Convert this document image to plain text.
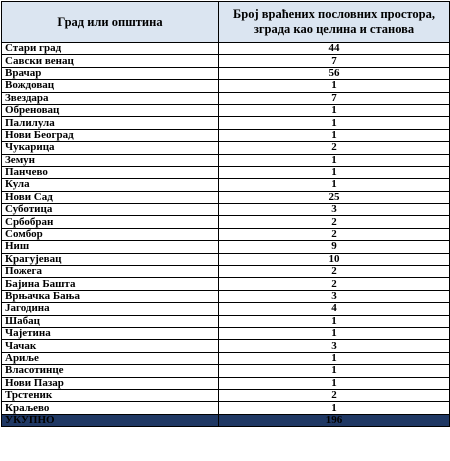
Град или општина	Број враћених пословних простора, зграда као целина и станова
Стари град	44
Савски венац	7
Врачар	56
Вождовац	1
Звездара	7
Обреновац	1
Палилула	1
Нови Београд	1
Чукарица	2
Земун	1
Панчево	1
Кула	1
Нови Сад	25
Суботица	3
Србобран	2
Сомбор	2
Ниш	9
Крагујевац	10
Пожега	2
Бајина Башта	2
Врњачка Бања	3
Јагодина	4
Шабац	1
Чајетина	1
Чачак	3
Ариље	1
Власотинце	1
Нови Пазар	1
Трстеник	2
Краљево	1
УКУПНО	196
